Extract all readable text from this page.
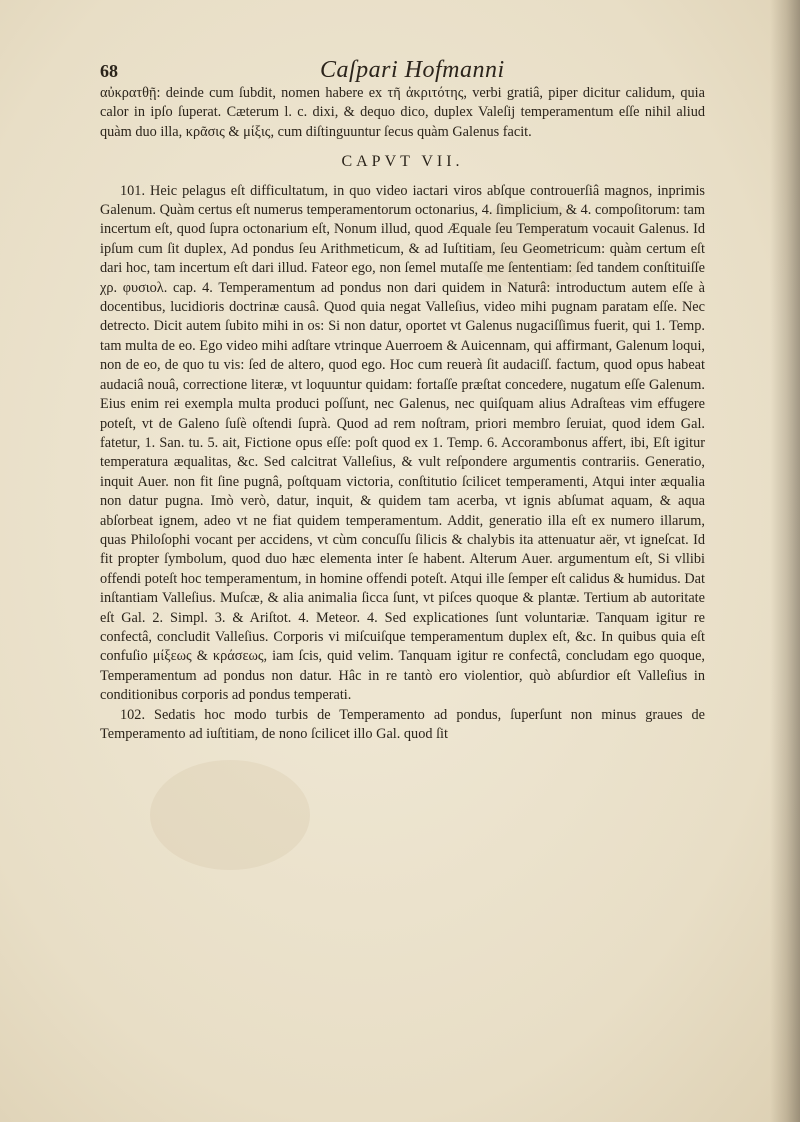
68	Caſpari Hofmanni

αὐκρατθῇ: deinde cum ſubdit, nomen habere ex τῆ ἀκριτότης, verbi gratiâ, piper dicitur calidum, quia calor in ipſo ſuperat. Cæterum l. c. dixi, & dequo dico, duplex Valeſij temperamentum eſſe nihil aliud quàm duo illa, κρᾶσις & μίξις, cum diſtinguuntur ſecus quàm Galenus facit.

CAPVT VII.

101. Heic pelagus eſt difficultatum, in quo video iactari viros abſque controuerſiâ magnos, inprimis Galenum. Quàm certus eſt numerus temperamentorum octonarius, 4. ſimplicium, & 4. compoſitorum: tam incertum eſt, quod ſupra octonarium eſt, Nonum illud, quod Æquale ſeu Temperatum vocauit Galenus. Id ipſum cum ſit duplex, Ad pondus ſeu Arithmeticum, & ad Iuſtitiam, ſeu Geometricum: quàm certum eſt dari hoc, tam incertum eſt dari illud. Fateor ego, non ſemel mutaſſe me ſententiam: ſed tandem conſtituiſſe χρ. φυσιολ. cap. 4. Temperamentum ad pondus non dari quidem in Naturâ: introductum autem eſſe à docentibus, lucidioris doctrinæ causâ. Quod quia negat Valleſius, video mihi pugnam paratam eſſe. Nec detrecto. Dicit autem ſubito mihi in os: Si non datur, oportet vt Galenus nugaciſſimus fuerit, qui 1. Temp. tam multa de eo. Ego video mihi adſtare vtrinque Auerroem & Auicennam, qui affirmant, Galenum loqui, non de eo, de quo tu vis: ſed de altero, quod ego. Hoc cum reuerà ſit audaciſſ. factum, quod opus habeat audaciâ nouâ, correctione literæ, vt loquuntur quidam: fortaſſe præſtat concedere, nugatum eſſe Galenum. Eius enim rei exempla multa produci poſſunt, nec Galenus, nec quiſquam alius Adraſteas vim effugere poteſt, vt de Galeno ſuſè oſtendi ſuprà. Quod ad rem noſtram, priori membro ſeruiat, quod idem Gal. fatetur, 1. San. tu. 5. ait, Fictione opus eſſe: poſt quod ex 1. Temp. 6. Accorambonus affert, ibi, Eſt igitur temperatura æqualitas, &c. Sed calcitrat Valleſius, & vult reſpondere argumentis contrariis. Generatio, inquit Auer. non fit ſine pugnâ, poſtquam victoria, conſtitutio ſcilicet temperamenti, Atqui inter æqualia non datur pugna. Imò verò, datur, inquit, & quidem tam acerba, vt ignis abſumat aquam, & aqua abſorbeat ignem, adeo vt ne fiat quidem temperamentum. Addit, generatio illa eſt ex numero illarum, quas Philoſophi vocant per accidens, vt cùm concuſſu ſilicis & chalybis ita attenuatur aër, vt igneſcat. Id fit propter ſymbolum, quod duo hæc elementa inter ſe habent. Alterum Auer. argumentum eſt, Si vllibi offendi poteſt hoc temperamentum, in homine offendi poteſt. Atqui ille ſemper eſt calidus & humidus. Dat inſtantiam Valleſius. Muſcæ, & alia animalia ſicca ſunt, vt piſces quoque & plantæ. Tertium ab autoritate eſt Gal. 2. Simpl. 3. & Ariſtot. 4. Meteor. 4. Sed explicationes ſunt voluntariæ. Tanquam igitur re confectâ, concludit Valleſius. Corporis vi miſcuiſque temperamentum duplex eſt, &c. In quibus quia eſt confuſio μίξεως & κράσεως, iam ſcis, quid velim. Tanquam igitur re confectâ, concludam ego quoque, Temperamentum ad pondus non datur. Hâc in re tantò ero violentior, quò abſurdior eſt Valleſius in conditionibus corporis ad pondus temperati.

102. Sedatis hoc modo turbis de Temperamento ad pondus, ſuperſunt non minus graues de Temperamento ad iuſtitiam, de nono ſcilicet illo Gal. quod ſit
